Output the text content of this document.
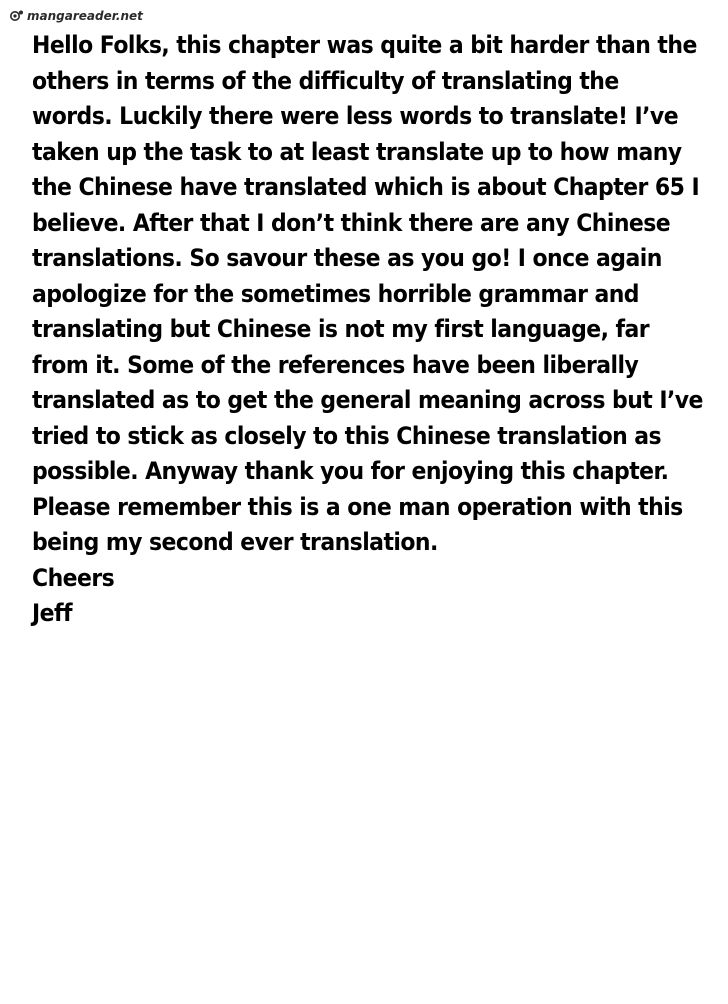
mangareader.net
Hello Folks, this chapter was quite a bit harder than the
others in terms of the difficulty of translating the
words. Luckily there were less words to translate! I’ve
taken up the task to at least translate up to how many
the Chinese have translated which is about Chapter 65 I
believe. After that I don’t think there are any Chinese
translations. So savour these as you go! I once again
apologize for the sometimes horrible grammar and
translating but Chinese is not my first language, far
from it. Some of the references have been liberally
translated as to get the general meaning across but I’ve
tried to stick as closely to this Chinese translation as
possible. Anyway thank you for enjoying this chapter.
Please remember this is a one man operation with this
being my second ever translation.
Cheers
Jeff
